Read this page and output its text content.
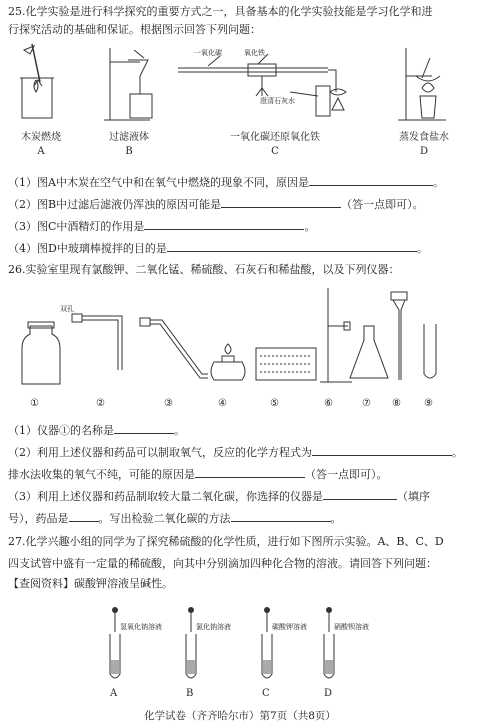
25.化学实验是进行科学探究的重要方式之一，具备基本的化学实验技能是学习化学和进
行探究活动的基础和保证。根据图示回答下列问题：
木炭燃烧
A
过滤液体
B
一氧化碳	氧化铁
澄清石灰水
一氧化碳还原氧化铁
C
蒸发食盐水
D
（1）图A中木炭在空气中和在氧气中燃烧的现象不同，原因是	。
（2）图B中过滤后滤液仍浑浊的原因可能是	（答一点即可）。
（3）图C中酒精灯的作用是	。
（4）图D中玻璃棒搅拌的目的是	。
26.实验室里现有氯酸钾、二氧化锰、稀硫酸、石灰石和稀盐酸，以及下列仪器：
双孔
①	②	③	④	⑤	⑥	⑦ ⑧ ⑨
（1）仪器①的名称是	。
（2）利用上述仪器和药品可以制取氧气，反应的化学方程式为	。
排水法收集的氧气不纯，可能的原因是	（答一点即可）。
（3）利用上述仪器和药品制取较大量二氧化碳，你选择的仪器是	（填序
号），药品是	。写出检验二氧化碳的方法	。
27.化学兴趣小组的同学为了探究稀硫酸的化学性质，进行如下图所示实验。A、B、C、D
四支试管中盛有一定量的稀硫酸，向其中分别滴加四种化合物的溶液。请回答下列问题：
【查阅资料】碳酸钾溶液呈碱性。
氢氧化钠溶液	氯化钠溶液	碳酸钾溶液	硝酸钡溶液
A	B	C	D
化学试卷（齐齐哈尔市）第7页（共8页）
